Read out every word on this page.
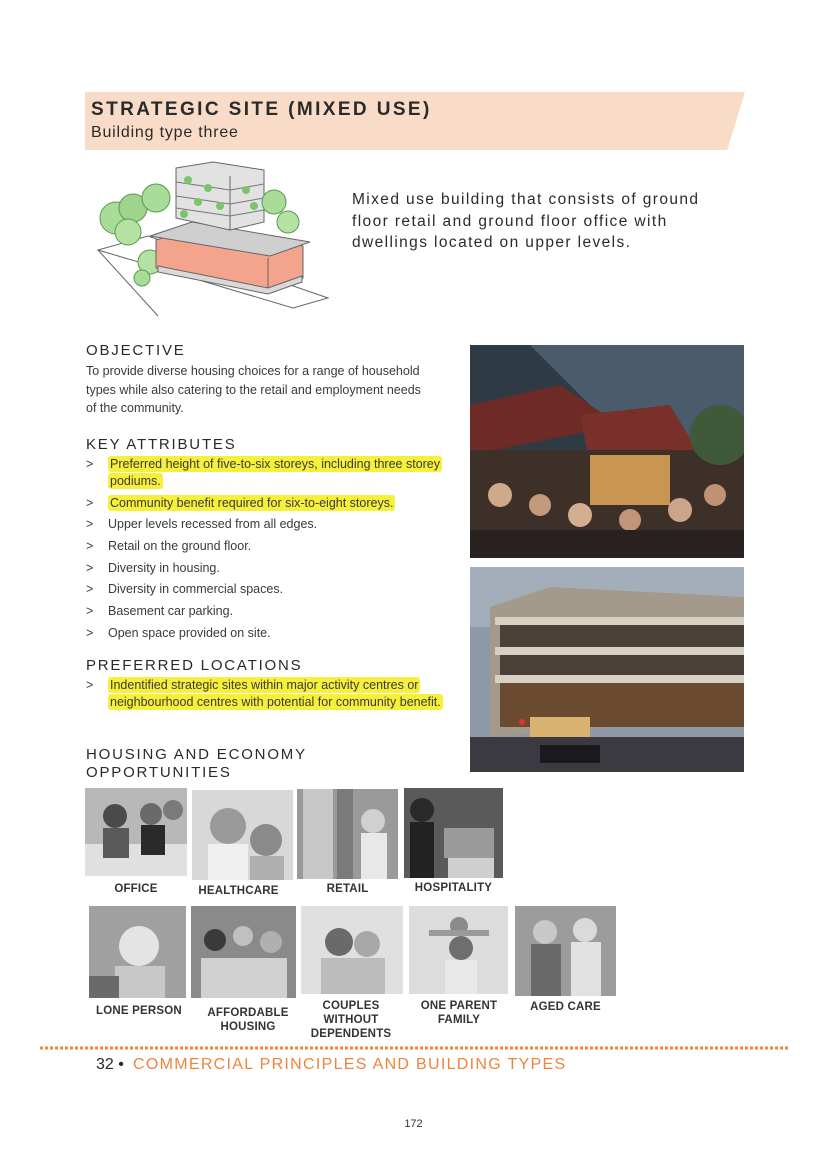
STRATEGIC SITE (MIXED USE)
Building type three
Mixed use building that consists of ground floor retail and ground floor office with dwellings located on upper levels.
OBJECTIVE
To provide diverse housing choices for a range of household types while also catering to the retail and employment needs of the community.
KEY ATTRIBUTES
> Preferred height of five-to-six storeys, including three storey podiums.
> Community benefit required for six-to-eight storeys.
> Upper levels recessed from all edges.
> Retail on the ground floor.
> Diversity in housing.
> Diversity in commercial spaces.
> Basement car parking.
> Open space provided on site.
PREFERRED LOCATIONS
> Indentified strategic sites within major activity centres or neighbourhood centres with potential for community benefit.
HOUSING AND ECONOMY OPPORTUNITIES
OFFICE	HEALTHCARE	RETAIL	HOSPITALITY
LONE PERSON	AFFORDABLE HOUSING
COUPLES WITHOUT DEPENDENTS
ONE PARENT FAMILY
AGED CARE
32 • COMMERCIAL PRINCIPLES AND BUILDING TYPES
172
